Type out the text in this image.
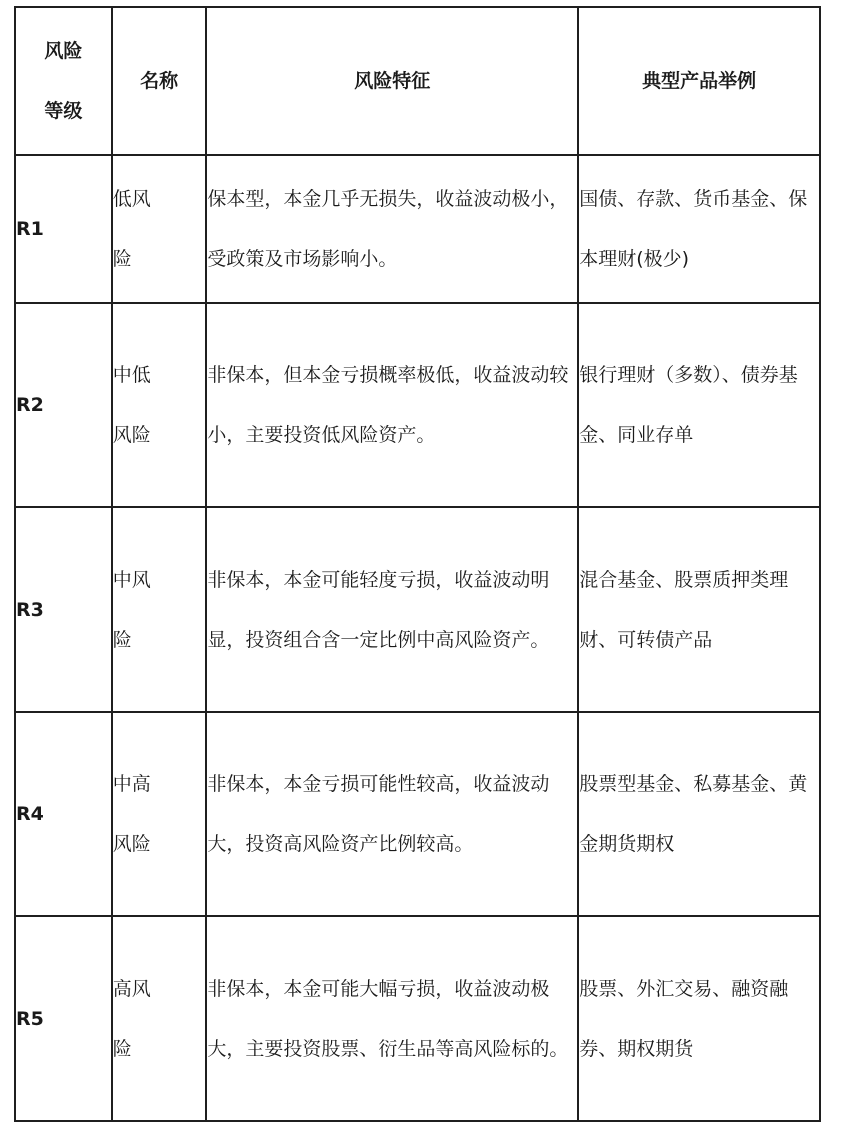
风险等级	名称	风险特征	典型产品举例
R1	低风险	保本型，本金几乎无损失，收益波动极小，受政策及市场影响小。	国债、存款、货币基金、保本理财(极少)

R2	中低风险	非保本，但本金亏损概率极低，收益波动较小，主要投资低风险资产。	银行理财（多数）、债券基金、同业存单

R3	中风险	非保本，本金可能轻度亏损，收益波动明显，投资组合含一定比例中高风险资产。	混合基金、股票质押类理财、可转债产品

R4	中高风险	非保本，本金亏损可能性较高，收益波动大，投资高风险资产比例较高。	股票型基金、私募基金、黄金期货期权

R5	高风险	非保本，本金可能大幅亏损，收益波动极大，主要投资股票、衍生品等高风险标的。	股票、外汇交易、融资融券、期权期货
